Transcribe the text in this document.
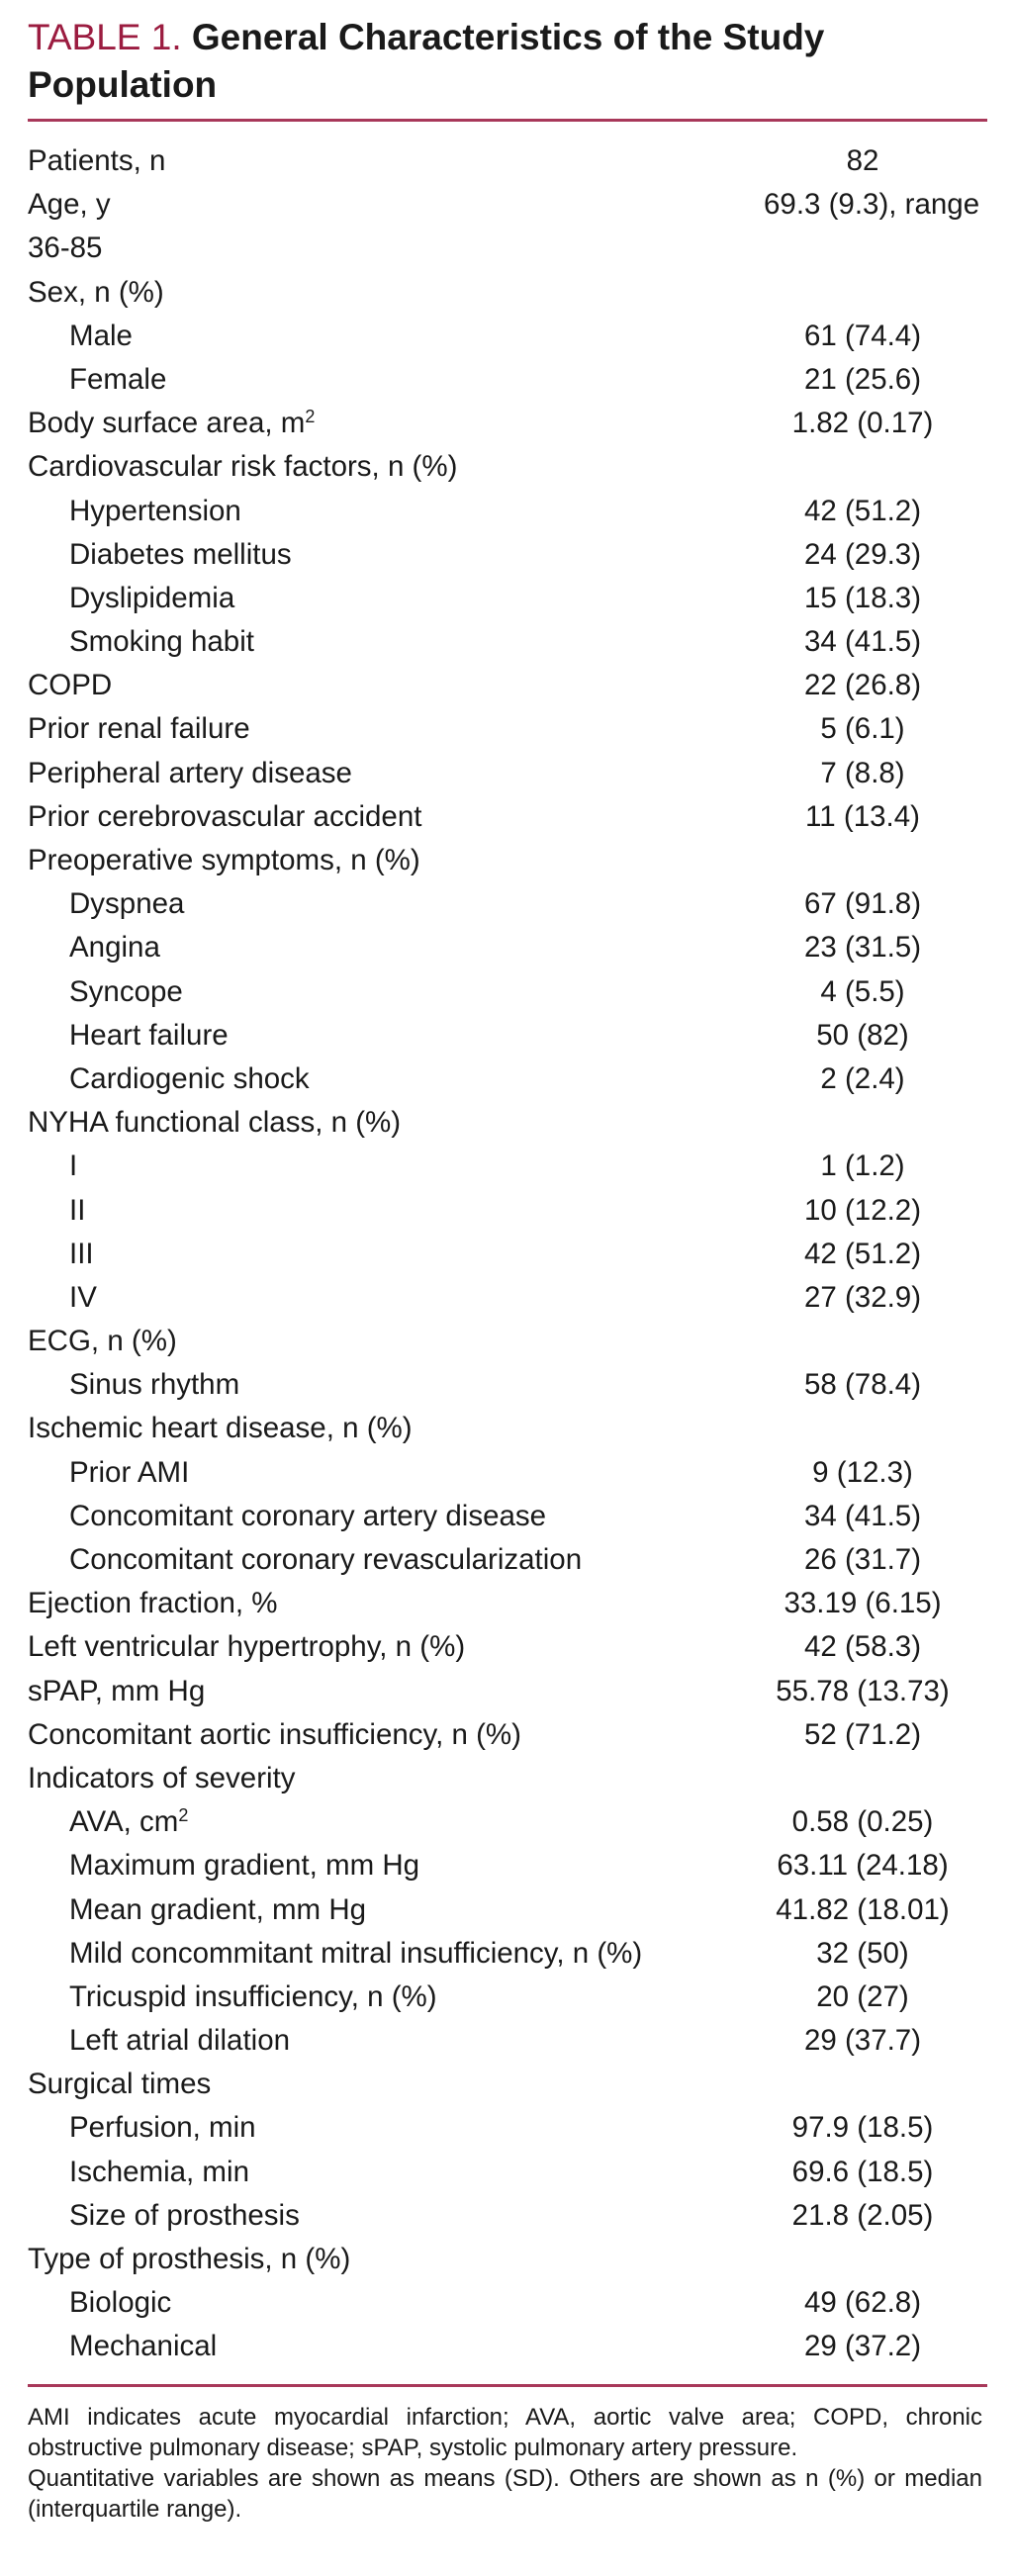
TABLE 1. General Characteristics of the Study Population
Patients, n	82
Age, y	69.3 (9.3), range
36-85
Sex, n (%)
Male	61 (74.4)
Female	21 (25.6)
Body surface area, $m^2$	1.82 (0.17)
Cardiovascular risk factors, n (%)
Hypertension	42 (51.2)
Diabetes mellitus	24 (29.3)
Dyslipidemia	15 (18.3)
Smoking habit	34 (41.5)
COPD	22 (26.8)
Prior renal failure	5 (6.1)
Peripheral artery disease	7 (8.8)
Prior cerebrovascular accident	11 (13.4)
Preoperative symptoms, n (%)
Dyspnea	67 (91.8)
Angina	23 (31.5)
Syncope	4 (5.5)
Heart failure	50 (82)
Cardiogenic shock	2 (2.4)
NYHA functional class, n (%)
I	1 (1.2)
II	10 (12.2)
III	42 (51.2)
IV	27 (32.9)
ECG, n (%)
Sinus rhythm	58 (78.4)
Ischemic heart disease, n (%)
Prior AMI	9 (12.3)
Concomitant coronary artery disease	34 (41.5)
Concomitant coronary revascularization	26 (31.7)
Ejection fraction, %	33.19 (6.15)
Left ventricular hypertrophy, n (%)	42 (58.3)
sPAP, mm Hg	55.78 (13.73)
Concomitant aortic insufficiency, n (%)	52 (71.2)
Indicators of severity
AVA, $cm^2$	0.58 (0.25)
Maximum gradient, mm Hg	63.11 (24.18)
Mean gradient, mm Hg	41.82 (18.01)
Mild concommitant mitral insufficiency, n (%)	32 (50)
Tricuspid insufficiency, n (%)	20 (27)
Left atrial dilation	29 (37.7)
Surgical times
Perfusion, min	97.9 (18.5)
Ischemia, min	69.6 (18.5)
Size of prosthesis	21.8 (2.05)
Type of prosthesis, n (%)
Biologic	49 (62.8)
Mechanical	29 (37.2)

AMI indicates acute myocardial infarction; AVA, aortic valve area; COPD, chronic obstructive pulmonary disease; sPAP, systolic pulmonary artery pressure.

Quantitative variables are shown as means (SD). Others are shown as n (%) or median (interquartile range).
